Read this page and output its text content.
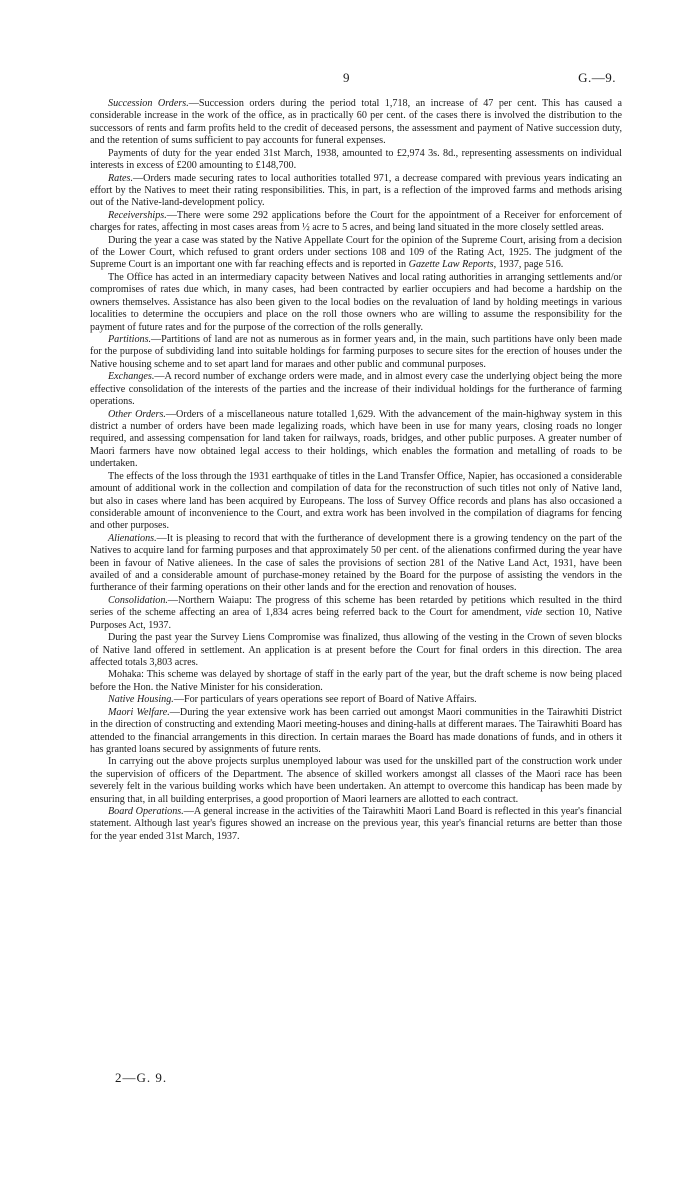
9	G.—9.

Succession Orders.—Succession orders during the period total 1,718, an increase of 47 per cent. This has caused a considerable increase in the work of the office, as in practically 60 per cent. of the cases there is involved the distribution to the successors of rents and farm profits held to the credit of deceased persons, the assessment and payment of Native succession duty, and the retention of sums sufficient to pay accounts for funeral expenses.

Payments of duty for the year ended 31st March, 1938, amounted to £2,974 3s. 8d., representing assessments on individual interests in excess of £200 amounting to £148,700.

Rates.—Orders made securing rates to local authorities totalled 971, a decrease compared with previous years indicating an effort by the Natives to meet their rating responsibilities. This, in part, is a reflection of the improved farms and methods arising out of the Native-land-development policy.

Receiverships.—There were some 292 applications before the Court for the appointment of a Receiver for enforcement of charges for rates, affecting in most cases areas from ½ acre to 5 acres, and being land situated in the more closely settled areas.

During the year a case was stated by the Native Appellate Court for the opinion of the Supreme Court, arising from a decision of the Lower Court, which refused to grant orders under sections 108 and 109 of the Rating Act, 1925. The judgment of the Supreme Court is an important one with far reaching effects and is reported in Gazette Law Reports, 1937, page 516.

The Office has acted in an intermediary capacity between Natives and local rating authorities in arranging settlements and/or compromises of rates due which, in many cases, had been contracted by earlier occupiers and had become a hardship on the owners themselves. Assistance has also been given to the local bodies on the revaluation of land by holding meetings in various localities to determine the occupiers and place on the roll those owners who are willing to assume the responsibility for the payment of future rates and for the purpose of the correction of the rolls generally.

Partitions.—Partitions of land are not as numerous as in former years and, in the main, such partitions have only been made for the purpose of subdividing land into suitable holdings for farming purposes to secure sites for the erection of houses under the Native housing scheme and to set apart land for maraes and other public and communal purposes.

Exchanges.—A record number of exchange orders were made, and in almost every case the underlying object being the more effective consolidation of the interests of the parties and the increase of their individual holdings for the furtherance of farming operations.

Other Orders.—Orders of a miscellaneous nature totalled 1,629. With the advancement of the main-highway system in this district a number of orders have been made legalizing roads, which have been in use for many years, closing roads no longer required, and assessing compensation for land taken for railways, roads, bridges, and other public purposes. A greater number of Maori farmers have now obtained legal access to their holdings, which enables the formation and metalling of roads to be undertaken.

The effects of the loss through the 1931 earthquake of titles in the Land Transfer Office, Napier, has occasioned a considerable amount of additional work in the collection and compilation of data for the reconstruction of such titles not only of Native land, but also in cases where land has been acquired by Europeans. The loss of Survey Office records and plans has also occasioned a considerable amount of inconvenience to the Court, and extra work has been involved in the compilation of diagrams for fencing and other purposes.

Alienations.—It is pleasing to record that with the furtherance of development there is a growing tendency on the part of the Natives to acquire land for farming purposes and that approximately 50 per cent. of the alienations confirmed during the year have been in favour of Native alienees. In the case of sales the provisions of section 281 of the Native Land Act, 1931, have been availed of and a considerable amount of purchase-money retained by the Board for the purpose of assisting the vendors in the furtherance of their farming operations on their other lands and for the erection and renovation of houses.

Consolidation.—Northern Waiapu: The progress of this scheme has been retarded by petitions which resulted in the third series of the scheme affecting an area of 1,834 acres being referred back to the Court for amendment, vide section 10, Native Purposes Act, 1937.

During the past year the Survey Liens Compromise was finalized, thus allowing of the vesting in the Crown of seven blocks of Native land offered in settlement. An application is at present before the Court for final orders in this direction. The area affected totals 3,803 acres.

Mohaka: This scheme was delayed by shortage of staff in the early part of the year, but the draft scheme is now being placed before the Hon. the Native Minister for his consideration.

Native Housing.—For particulars of years operations see report of Board of Native Affairs.

Maori Welfare.—During the year extensive work has been carried out amongst Maori communities in the Tairawhiti District in the direction of constructing and extending Maori meeting-houses and dining-halls at different maraes. The Tairawhiti Board has attended to the financial arrangements in this direction. In certain maraes the Board has made donations of funds, and in others it has granted loans secured by assignments of future rents.

In carrying out the above projects surplus unemployed labour was used for the unskilled part of the construction work under the supervision of officers of the Department. The absence of skilled workers amongst all classes of the Maori race has been severely felt in the various building works which have been undertaken. An attempt to overcome this handicap has been made by ensuring that, in all building enterprises, a good proportion of Maori learners are allotted to each contract.

Board Operations.—A general increase in the activities of the Tairawhiti Maori Land Board is reflected in this year's financial statement. Although last year's figures showed an increase on the previous year, this year's financial returns are better than those for the year ended 31st March, 1937.

2—G. 9.
